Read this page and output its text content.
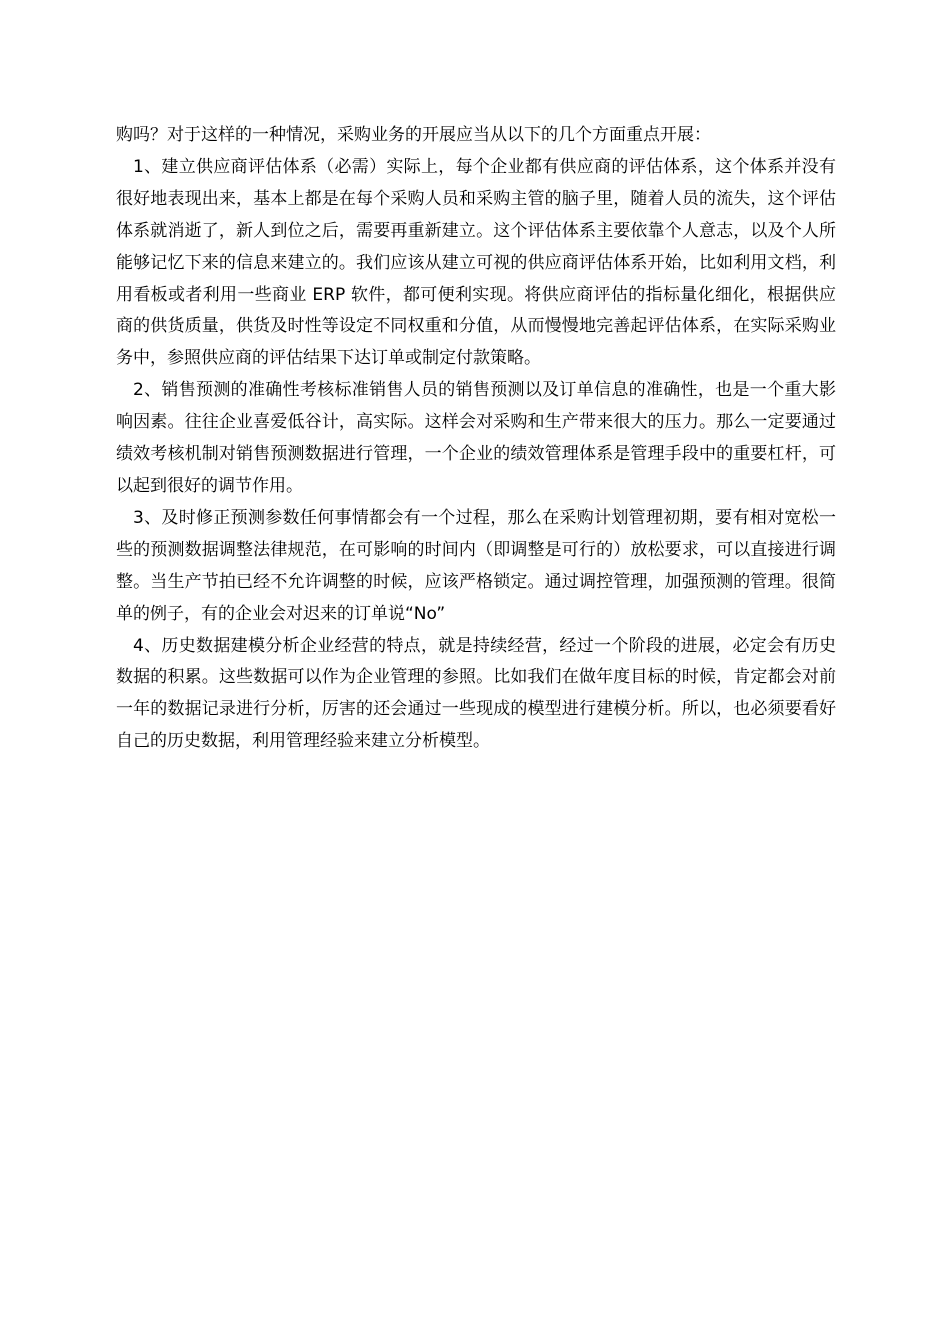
购吗？对于这样的一种情况，采购业务的开展应当从以下的几个方面重点开展：

1、建立供应商评估体系（必需）实际上，每个企业都有供应商的评估体系，这个体系并没有很好地表现出来，基本上都是在每个采购人员和采购主管的脑子里，随着人员的流失，这个评估体系就消逝了，新人到位之后，需要再重新建立。这个评估体系主要依靠个人意志，以及个人所能够记忆下来的信息来建立的。我们应该从建立可视的供应商评估体系开始，比如利用文档，利用看板或者利用一些商业 ERP 软件，都可便利实现。将供应商评估的指标量化细化，根据供应商的供货质量，供货及时性等设定不同权重和分值，从而慢慢地完善起评估体系，在实际采购业务中，参照供应商的评估结果下达订单或制定付款策略。

2、销售预测的准确性考核标准销售人员的销售预测以及订单信息的准确性，也是一个重大影响因素。往往企业喜爱低谷计，高实际。这样会对采购和生产带来很大的压力。那么一定要通过绩效考核机制对销售预测数据进行管理，一个企业的绩效管理体系是管理手段中的重要杠杆，可以起到很好的调节作用。

3、及时修正预测参数任何事情都会有一个过程，那么在采购计划管理初期，要有相对宽松一些的预测数据调整法律规范，在可影响的时间内（即调整是可行的）放松要求，可以直接进行调整。当生产节拍已经不允许调整的时候，应该严格锁定。通过调控管理，加强预测的管理。很简单的例子，有的企业会对迟来的订单说“No”

4、历史数据建模分析企业经营的特点，就是持续经营，经过一个阶段的进展，必定会有历史数据的积累。这些数据可以作为企业管理的参照。比如我们在做年度目标的时候，肯定都会对前一年的数据记录进行分析，厉害的还会通过一些现成的模型进行建模分析。所以，也必须要看好自己的历史数据，利用管理经验来建立分析模型。
